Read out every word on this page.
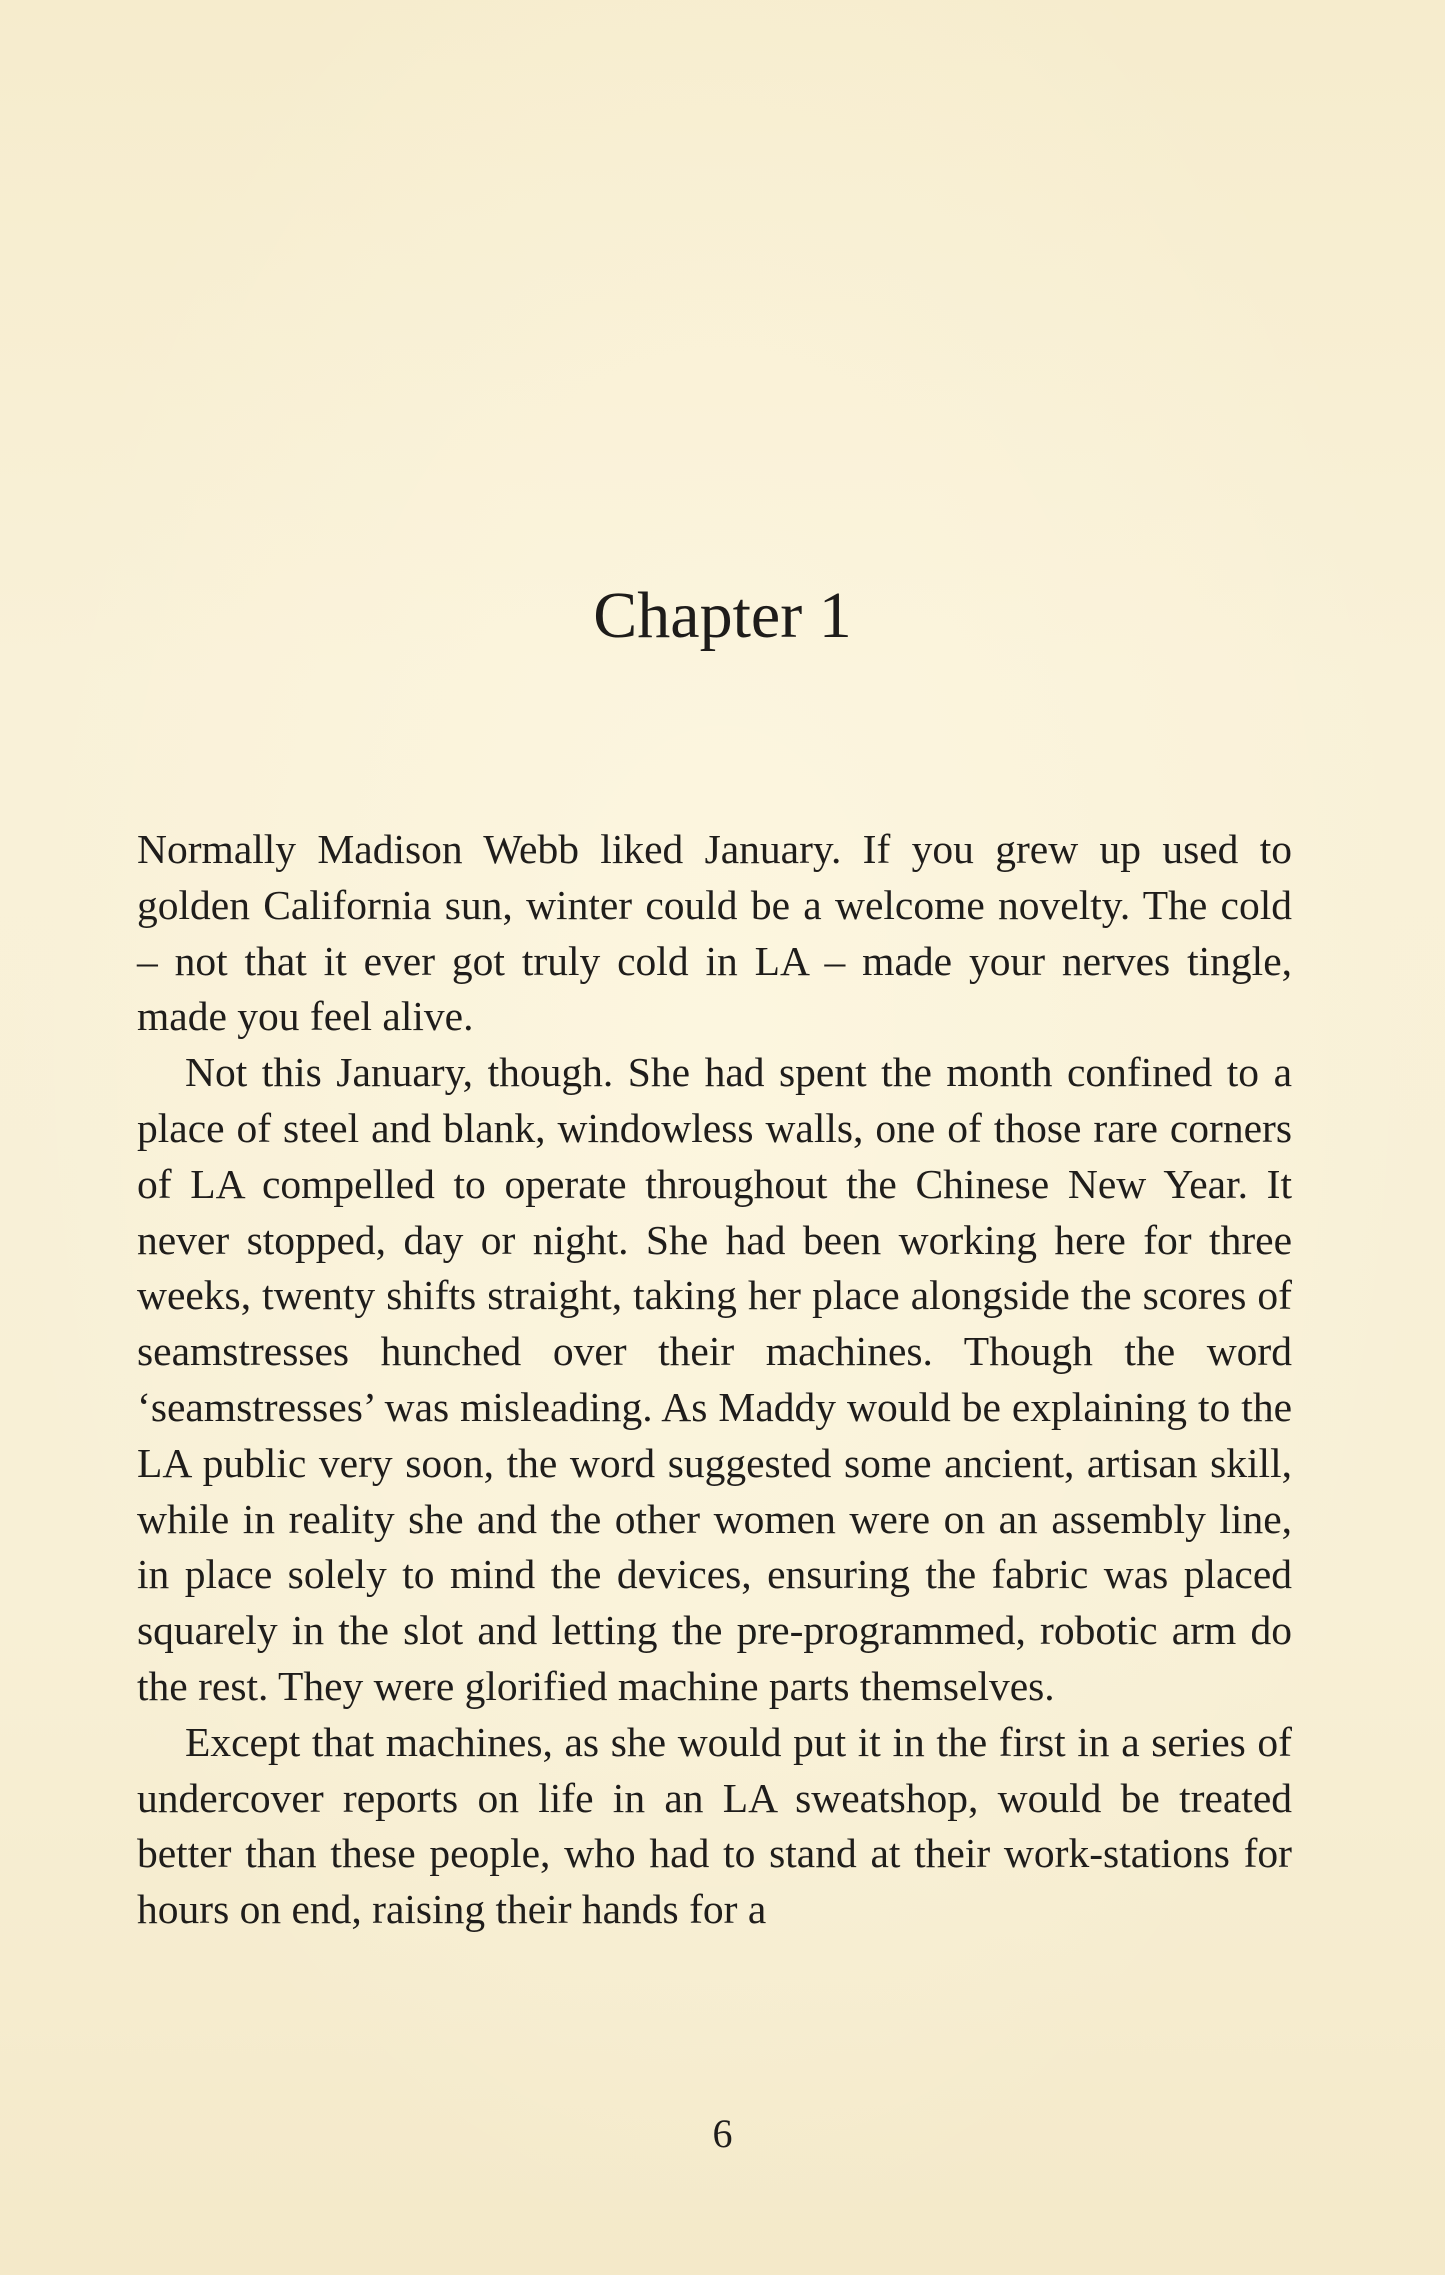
Chapter 1

Normally Madison Webb liked January. If you grew up used to golden California sun, winter could be a welcome novelty. The cold – not that it ever got truly cold in LA – made your nerves tingle, made you feel alive.

Not this January, though. She had spent the month confined to a place of steel and blank, windowless walls, one of those rare corners of LA compelled to operate throughout the Chinese New Year. It never stopped, day or night. She had been working here for three weeks, twenty shifts straight, taking her place alongside the scores of seamstresses hunched over their machines. Though the word ‘seamstresses’ was misleading. As Maddy would be explaining to the LA public very soon, the word suggested some ancient, artisan skill, while in reality she and the other women were on an assembly line, in place solely to mind the devices, ensuring the fabric was placed squarely in the slot and letting the pre-programmed, robotic arm do the rest. They were glorified machine parts themselves.

Except that machines, as she would put it in the first in a series of undercover reports on life in an LA sweatshop, would be treated better than these people, who had to stand at their work-stations for hours on end, raising their hands for a

6
